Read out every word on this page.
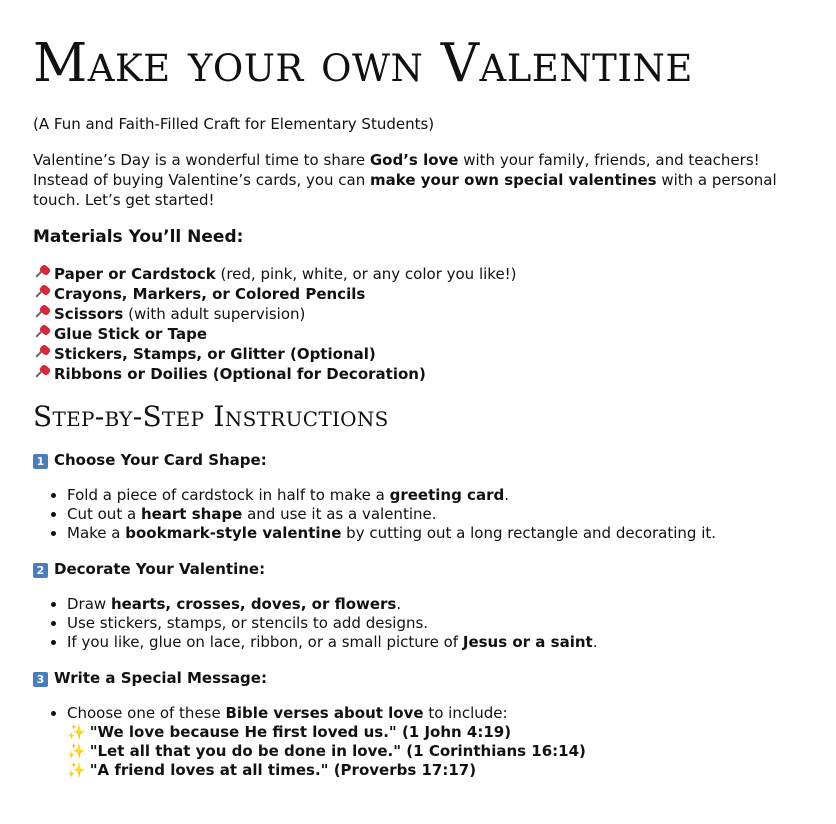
Make your own Valentine

(A Fun and Faith-Filled Craft for Elementary Students)

Valentine’s Day is a wonderful time to share God’s love with your family, friends, and teachers! Instead of buying Valentine’s cards, you can make your own special valentines with a personal touch. Let’s get started!

Materials You’ll Need:
Paper or Cardstock (red, pink, white, or any color you like!)
Crayons, Markers, or Colored Pencils
Scissors (with adult supervision)
Glue Stick or Tape
Stickers, Stamps, or Glitter (Optional)
Ribbons or Doilies (Optional for Decoration)
Step-by-Step Instructions
1 Choose Your Card Shape:
• Fold a piece of cardstock in half to make a greeting card.
• Cut out a heart shape and use it as a valentine.
• Make a bookmark-style valentine by cutting out a long rectangle and decorating it.
2 Decorate Your Valentine:
• Draw hearts, crosses, doves, or flowers.
• Use stickers, stamps, or stencils to add designs.
• If you like, glue on lace, ribbon, or a small picture of Jesus or a saint.
3 Write a Special Message:
• Choose one of these Bible verses about love to include:
✨ "We love because He first loved us." (1 John 4:19)
✨ "Let all that you do be done in love." (1 Corinthians 16:14)
✨ "A friend loves at all times." (Proverbs 17:17)
